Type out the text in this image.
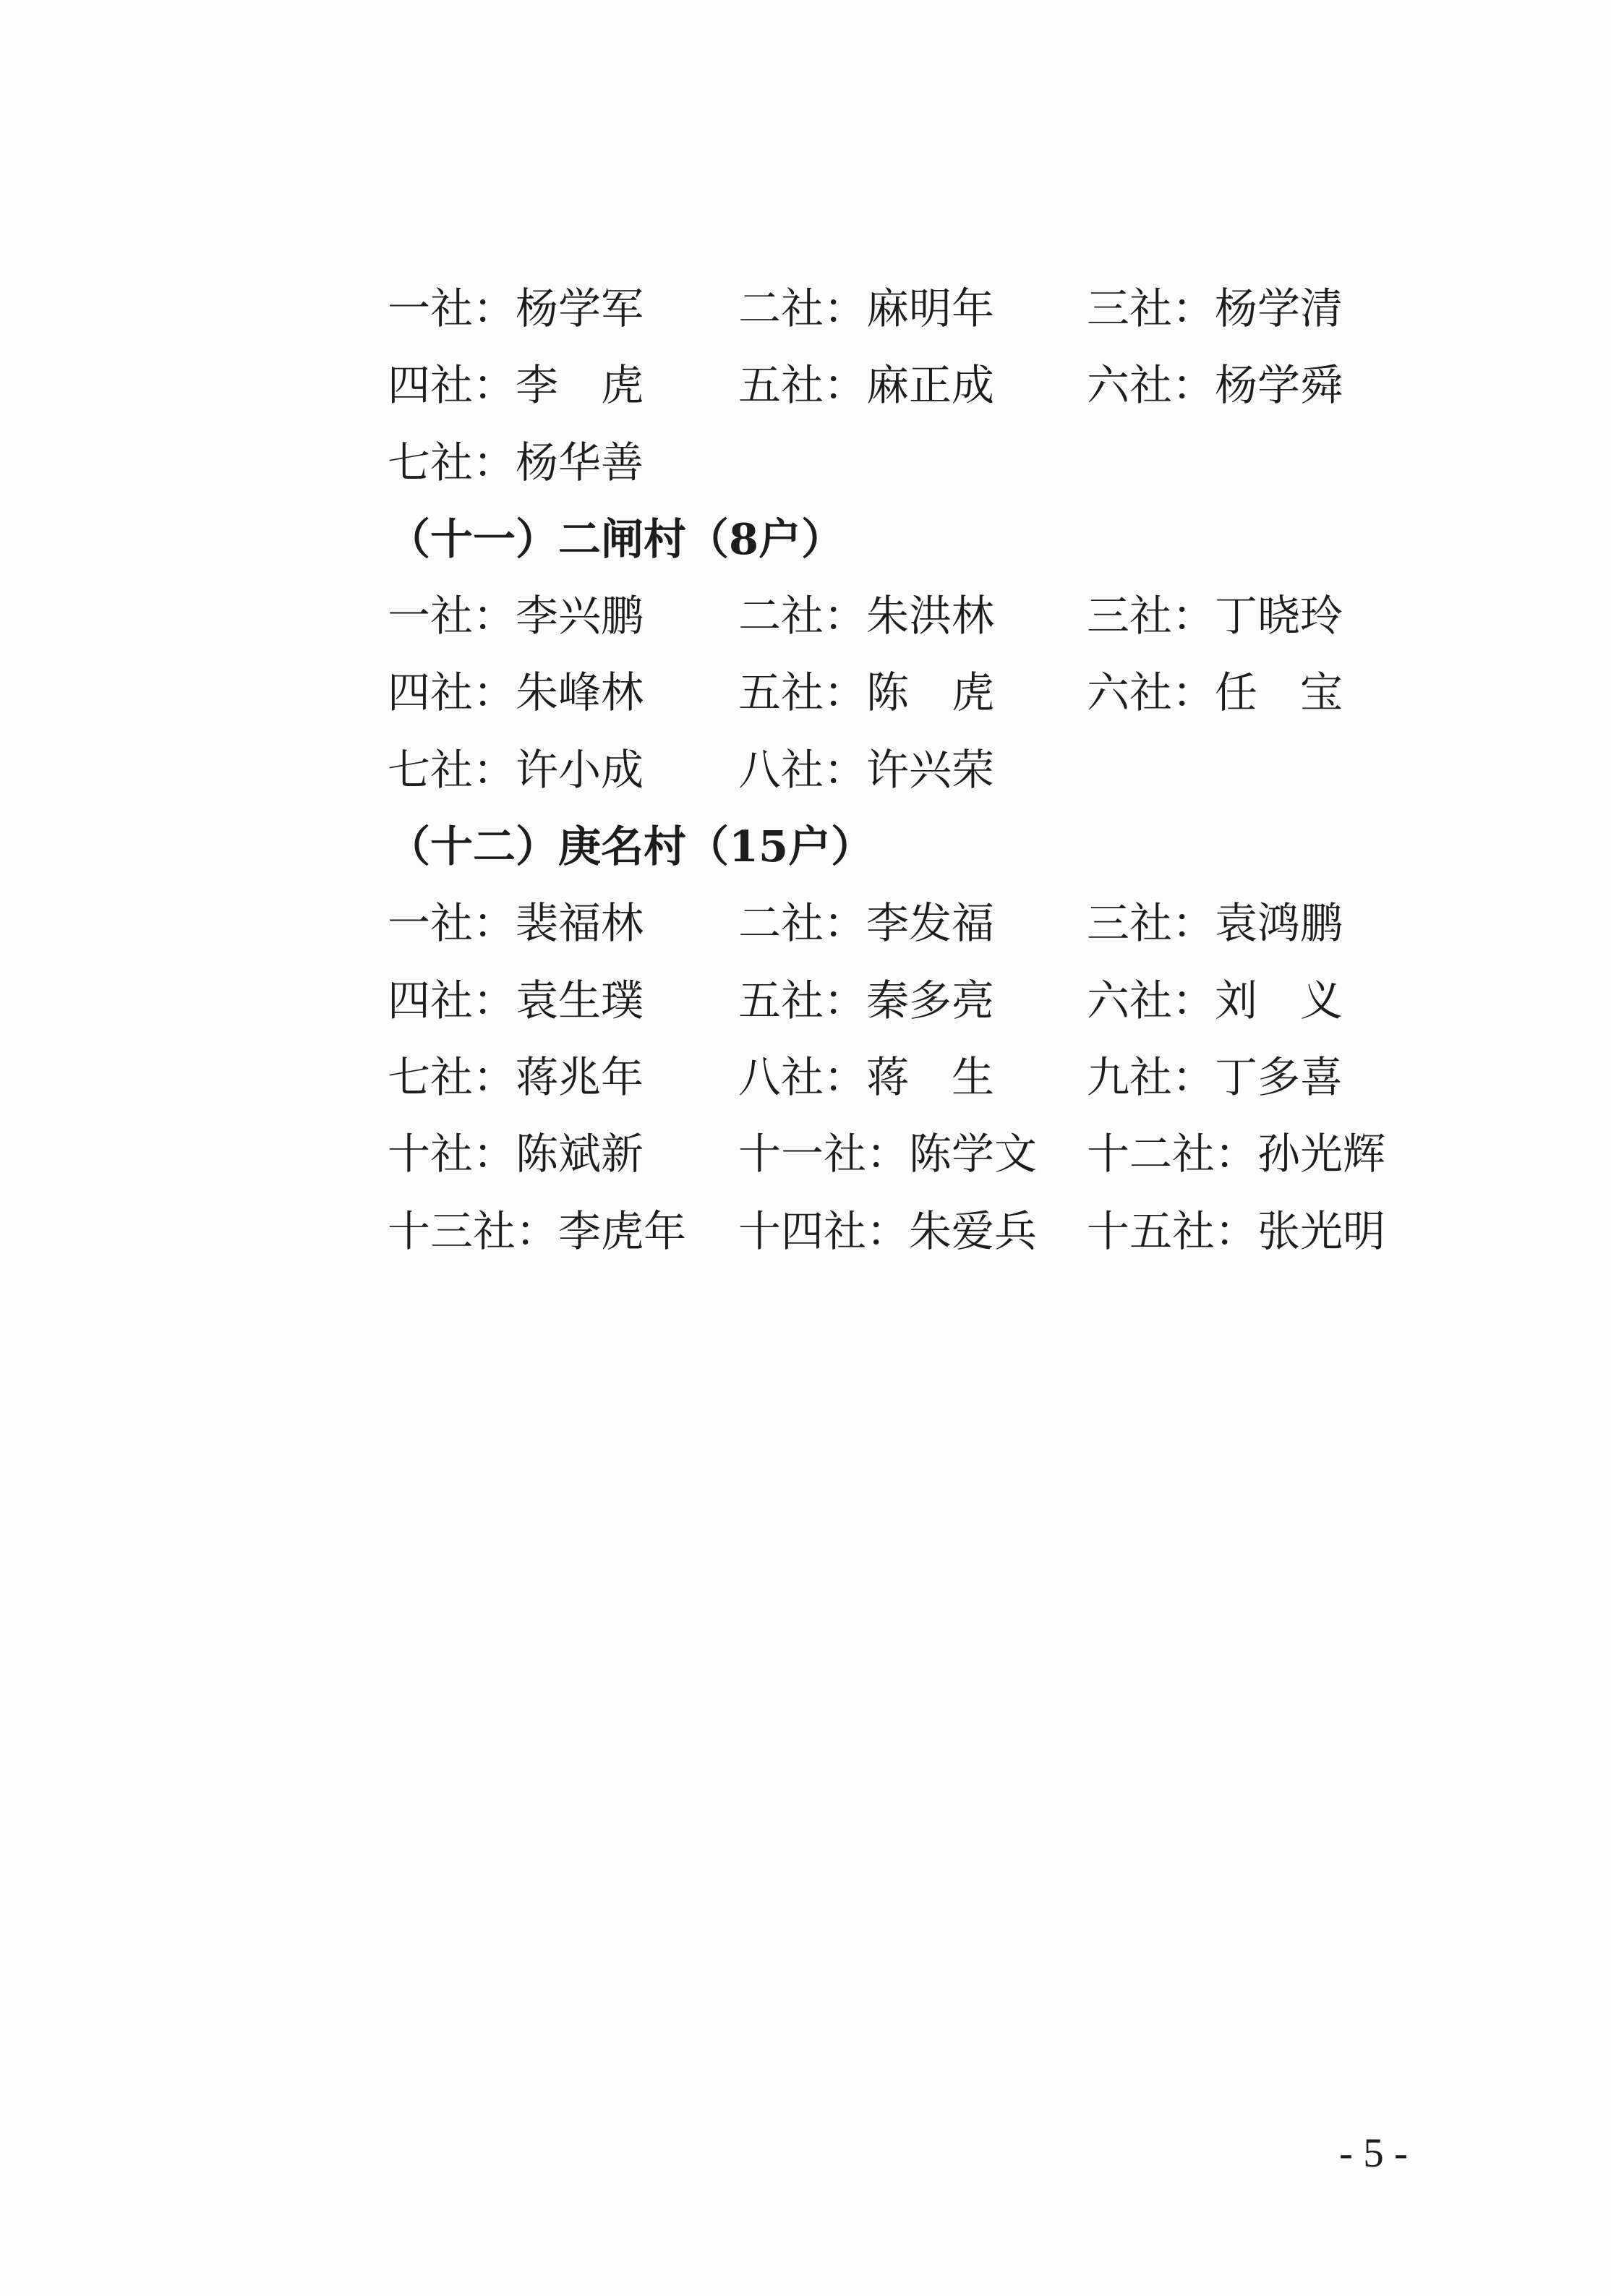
一社：杨学军 二社：麻明年 三社：杨学清
四社：李　虎 五社：麻正成 六社：杨学舜
七社：杨华善
（十一）二闸村（8户）
一社：李兴鹏 二社：朱洪林 三社：丁晓玲
四社：朱峰林 五社：陈　虎 六社：任　宝
七社：许小成 八社：许兴荣
（十二）庚名村（15户）
一社：裴福林 二社：李发福 三社：袁鸿鹏
四社：袁生璞 五社：秦多亮 六社：刘　义
七社：蒋兆年 八社：蒋　生 九社：丁多喜
十社：陈斌新 十一社：陈学文 十二社：孙光辉
十三社：李虎年 十四社：朱爱兵 十五社：张光明
- 5 -
